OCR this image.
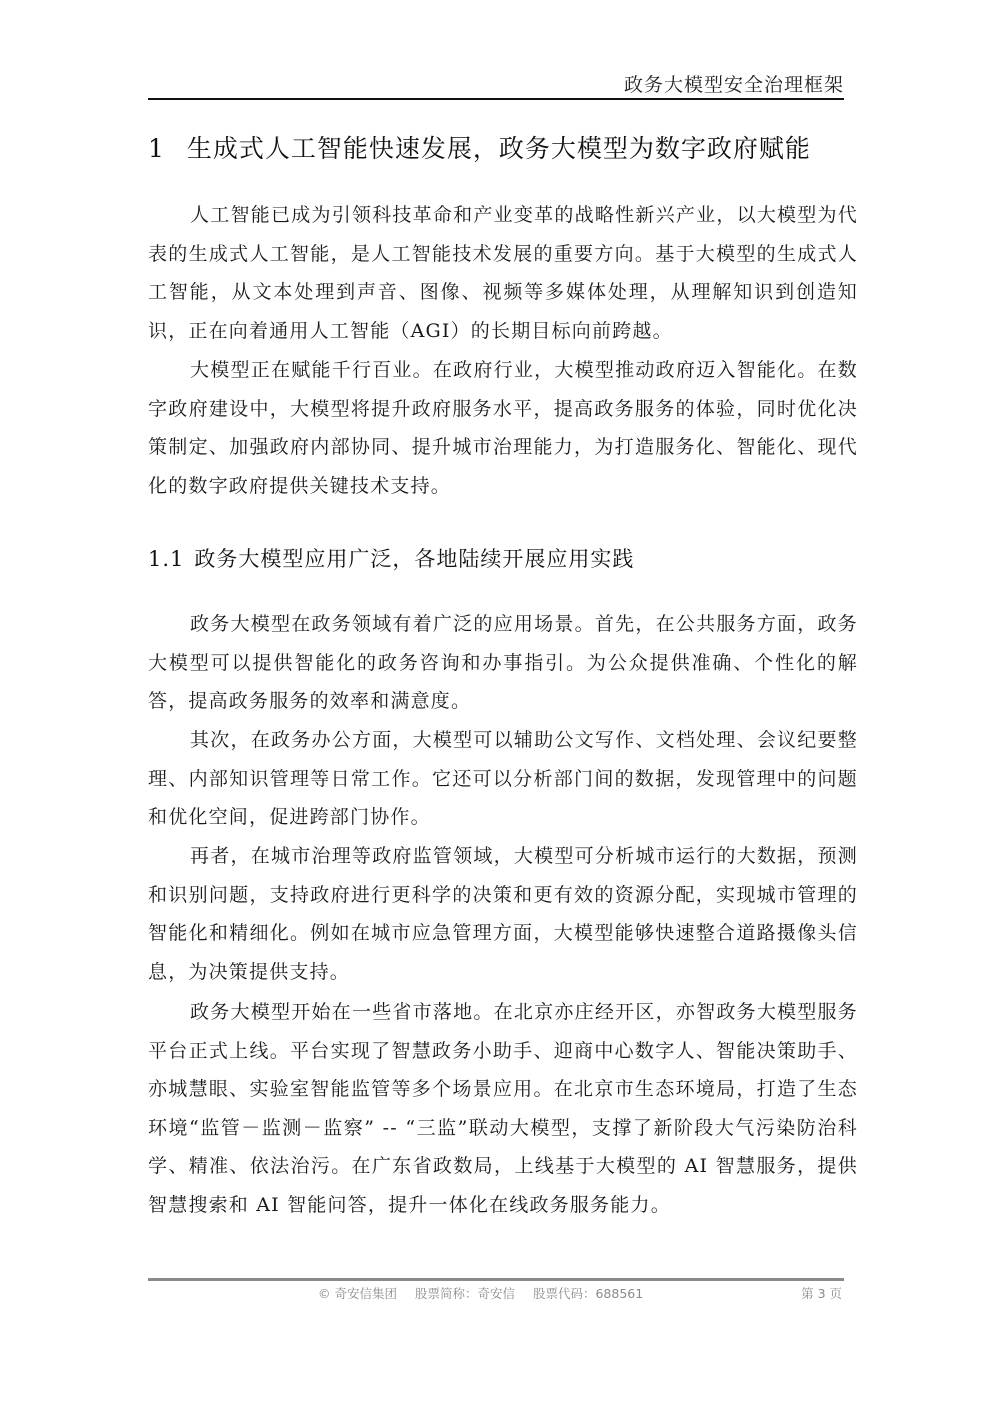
政务大模型安全治理框架
1 生成式人工智能快速发展，政务大模型为数字政府赋能

人工智能已成为引领科技革命和产业变革的战略性新兴产业，以大模型为代表的生成式人工智能，是人工智能技术发展的重要方向。基于大模型的生成式人工智能，从文本处理到声音、图像、视频等多媒体处理，从理解知识到创造知识，正在向着通用人工智能（AGI）的长期目标向前跨越。

大模型正在赋能千行百业。在政府行业，大模型推动政府迈入智能化。在数字政府建设中，大模型将提升政府服务水平，提高政务服务的体验，同时优化决策制定、加强政府内部协同、提升城市治理能力，为打造服务化、智能化、现代化的数字政府提供关键技术支持。

1.1 政务大模型应用广泛，各地陆续开展应用实践

政务大模型在政务领域有着广泛的应用场景。首先，在公共服务方面，政务大模型可以提供智能化的政务咨询和办事指引。为公众提供准确、个性化的解答，提高政务服务的效率和满意度。

其次，在政务办公方面，大模型可以辅助公文写作、文档处理、会议纪要整理、内部知识管理等日常工作。它还可以分析部门间的数据，发现管理中的问题和优化空间，促进跨部门协作。

再者，在城市治理等政府监管领域，大模型可分析城市运行的大数据，预测和识别问题，支持政府进行更科学的决策和更有效的资源分配，实现城市管理的智能化和精细化。例如在城市应急管理方面，大模型能够快速整合道路摄像头信息，为决策提供支持。

政务大模型开始在一些省市落地。在北京亦庄经开区，亦智政务大模型服务平台正式上线。平台实现了智慧政务小助手、迎商中心数字人、智能决策助手、亦城慧眼、实验室智能监管等多个场景应用。在北京市生态环境局，打造了生态环境“监管－监测－监察” -- “三监”联动大模型，支撑了新阶段大气污染防治科学、精准、依法治污。在广东省政数局，上线基于大模型的 AI 智慧服务，提供智慧搜索和 AI 智能问答，提升一体化在线政务服务能力。

© 奇安信集团 股票简称：奇安信 股票代码：688561	第 3 页
